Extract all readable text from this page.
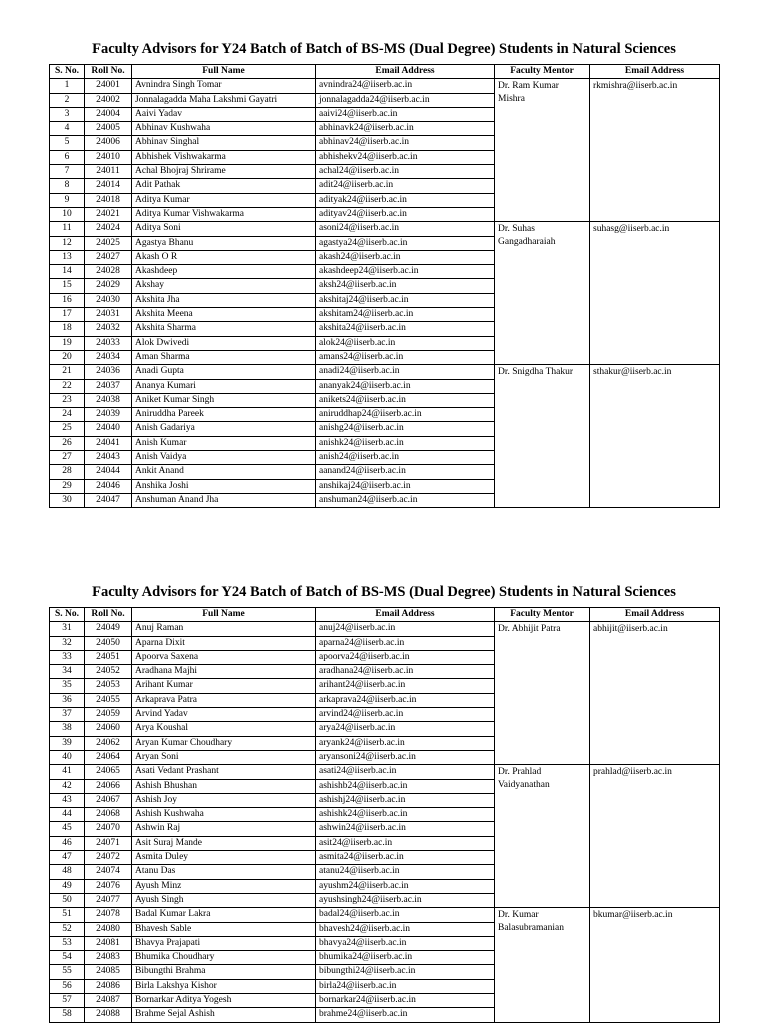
Faculty Advisors for Y24 Batch of Batch of BS-MS (Dual Degree) Students in Natural Sciences
S. No.	Roll No.	Full Name	Email Address	Faculty Mentor	Email Address
1	24001	Avnindra Singh Tomar	avnindra24@iiserb.ac.in	Dr. Ram Kumar Mishra	rkmishra@iiserb.ac.in
2	24002	Jonnalagadda Maha Lakshmi Gayatri	jonnalagadda24@iiserb.ac.in		
3	24004	Aaivi Yadav	aaivi24@iiserb.ac.in		
4	24005	Abhinav Kushwaha	abhinavk24@iiserb.ac.in		
5	24006	Abhinav Singhal	abhinav24@iiserb.ac.in		
6	24010	Abhishek Vishwakarma	abhishekv24@iiserb.ac.in		
7	24011	Achal Bhojraj Shrirame	achal24@iiserb.ac.in		
8	24014	Adit Pathak	adit24@iiserb.ac.in		
9	24018	Aditya Kumar	adityak24@iiserb.ac.in		
10	24021	Aditya Kumar Vishwakarma	adityav24@iiserb.ac.in		
11	24024	Aditya Soni	asoni24@iiserb.ac.in	Dr. Suhas Gangadharaiah	suhasg@iiserb.ac.in
12	24025	Agastya Bhanu	agastya24@iiserb.ac.in		
13	24027	Akash O R	akash24@iiserb.ac.in		
14	24028	Akashdeep	akashdeep24@iiserb.ac.in		
15	24029	Akshay	aksh24@iiserb.ac.in		
16	24030	Akshita Jha	akshitaj24@iiserb.ac.in		
17	24031	Akshita Meena	akshitam24@iiserb.ac.in		
18	24032	Akshita Sharma	akshita24@iiserb.ac.in		
19	24033	Alok Dwivedi	alok24@iiserb.ac.in		
20	24034	Aman Sharma	amans24@iiserb.ac.in		
21	24036	Anadi Gupta	anadi24@iiserb.ac.in	Dr. Snigdha Thakur	sthakur@iiserb.ac.in
22	24037	Ananya Kumari	ananyak24@iiserb.ac.in		
23	24038	Aniket Kumar Singh	anikets24@iiserb.ac.in		
24	24039	Aniruddha Pareek	aniruddhap24@iiserb.ac.in		
25	24040	Anish Gadariya	anishg24@iiserb.ac.in		
26	24041	Anish Kumar	anishk24@iiserb.ac.in		
27	24043	Anish Vaidya	anish24@iiserb.ac.in		
28	24044	Ankit Anand	aanand24@iiserb.ac.in		
29	24046	Anshika Joshi	anshikaj24@iiserb.ac.in		
30	24047	Anshuman Anand Jha	anshuman24@iiserb.ac.in		
Faculty Advisors for Y24 Batch of Batch of BS-MS (Dual Degree) Students in Natural Sciences
S. No.	Roll No.	Full Name	Email Address	Faculty Mentor	Email Address
31	24049	Anuj Raman	anuj24@iiserb.ac.in	Dr. Abhijit Patra	abhijit@iiserb.ac.in
32	24050	Aparna Dixit	aparna24@iiserb.ac.in		
33	24051	Apoorva Saxena	apoorva24@iiserb.ac.in		
34	24052	Aradhana Majhi	aradhana24@iiserb.ac.in		
35	24053	Arihant Kumar	arihant24@iiserb.ac.in		
36	24055	Arkaprava Patra	arkaprava24@iiserb.ac.in		
37	24059	Arvind Yadav	arvind24@iiserb.ac.in		
38	24060	Arya Koushal	arya24@iiserb.ac.in		
39	24062	Aryan Kumar Choudhary	aryank24@iiserb.ac.in		
40	24064	Aryan Soni	aryansoni24@iiserb.ac.in		
41	24065	Asati Vedant Prashant	asati24@iiserb.ac.in	Dr. Prahlad Vaidyanathan	prahlad@iiserb.ac.in
42	24066	Ashish Bhushan	ashishb24@iiserb.ac.in		
43	24067	Ashish Joy	ashishj24@iiserb.ac.in		
44	24068	Ashish Kushwaha	ashishk24@iiserb.ac.in		
45	24070	Ashwin Raj	ashwin24@iiserb.ac.in		
46	24071	Asit Suraj Mande	asit24@iiserb.ac.in		
47	24072	Asmita Duley	asmita24@iiserb.ac.in		
48	24074	Atanu Das	atanu24@iiserb.ac.in		
49	24076	Ayush Minz	ayushm24@iiserb.ac.in		
50	24077	Ayush Singh	ayushsingh24@iiserb.ac.in		
51	24078	Badal Kumar Lakra	badal24@iiserb.ac.in	Dr. Kumar Balasubramanian	bkumar@iiserb.ac.in
52	24080	Bhavesh Sable	bhavesh24@iiserb.ac.in		
53	24081	Bhavya Prajapati	bhavya24@iiserb.ac.in		
54	24083	Bhumika Choudhary	bhumika24@iiserb.ac.in		
55	24085	Bibungthi Brahma	bibungthi24@iiserb.ac.in		
56	24086	Birla Lakshya Kishor	birla24@iiserb.ac.in		
57	24087	Bornarkar Aditya Yogesh	bornarkar24@iiserb.ac.in		
58	24088	Brahme Sejal Ashish	brahme24@iiserb.ac.in		
